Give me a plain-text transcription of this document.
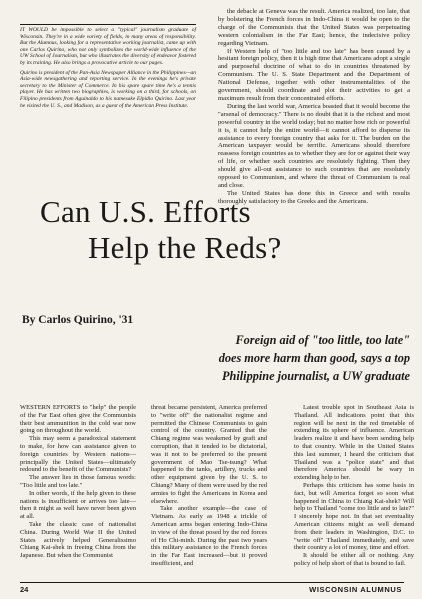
IT WOULD be impossible to select a "typical" journalism graduate of Wisconsin. They're in a wide variety of fields, in many areas of responsibility. But the Alumnus, looking for a representative working journalist, came up with one Carlos Quirino, who not only symbolizes the world-wide influence of the UW School of Journalism, but who illustrates the diversity of endeavor fostered by its training. He also brings a provocative article to our pages.

Quirino is president of the Pan-Asia Newspaper Alliance in the Philippines—an Asia-wide newsgathering and reporting service. In the evenings he's private secretary to the Minister of Commerce. In his spare spare time he's a tennis player. He has written two biographies, is working on a third, for schools, on Filipino presidents from Aguinaldo to his namesake Elpidio Quirino. Last year he visited the U. S., and Madison, as a guest of the American Press Institute.

the debacle at Geneva was the result. America realized, too late, that by bolstering the French forces in Indo-China it would be open to the charge of the Communists that the United States was perpetuating western colonialism in the Far East; hence, the indecisive policy regarding Vietnam.

If Western help of "too little and too late" has been caused by a hesitant foreign policy, then it is high time that Americans adopt a single and purposeful doctrine of what to do in countries threatened by Communism. The U. S. State Department and the Department of National Defense, together with other instrumentalities of the government, should coordinate and plot their activities to get a maximum result from their concentrated efforts.

During the last world war, America boasted that it would become the "arsenal of democracy." There is no doubt that it is the richest and most powerful country in the world today; but no matter how rich or powerful it is, it cannot help the entire world—it cannot afford to disperse its assistance to every foreign country that asks for it. The burden on the American taxpayer would be terrific. Americans should therefore reassess foreign countries as to whether they are for or against their way of life, or whether such countries are resolutely fighting. Then they should give all-out assistance to such countries that are resolutely opposed to Communism, and where the threat of Communism is real and close.

The United States has done this in Greece and with results thoroughly satisfactory to the Greeks and the Americans.

Can U.S. Efforts
Help the Reds?
By Carlos Quirino, '31
Foreign aid of "too little, too late"
does more harm than good, says a top
Philippine journalist, a UW graduate

WESTERN EFFORTS to "help" the people of the Far East often give the Communists their best ammunition in the cold war now going on throughout the world.

This may seem a paradoxical statement to make, for how can assistance given to foreign countries by Western nations—principally the United States—ultimately redound to the benefit of the Communists?

The answer lies in those famous words: "Too little and too late."

In other words, if the help given to these nations is insufficient or arrives too late—then it might as well have never been given at all.

Take the classic case of nationalist China. During World War II the United States actively helped Generalissimo Chiang Kai-shek in freeing China from the Japanese. But when the Communist

threat became persistent, America preferred to "write off" the nationalist regime and permitted the Chinese Communists to gain control of the country. Granted that the Chiang regime was weakened by graft and corruption, that it tended to be dictatorial, was it not to be preferred to the present government of Mao Tse-tsung? What happened to the tanks, artillery, trucks and other equipment given by the U. S. to Chiang? Many of them were used by the red armies to fight the Americans in Korea and elsewhere.

Take another example—the case of Vietnam. As early as 1948 a trickle of American arms began entering Indo-China in view of the threat posed by the red forces of Ho Chi-minh. During the past two years this military assistance to the French forces in the Far East increased—but it proved insufficient, and

Latest trouble spot in Southeast Asia is Thailand. All indications point that this region will be next in the red timetable of extending its sphere of influence. American leaders realize it and have been sending help to that country. While in the United States this last summer, I heard the criticism that Thailand was a "police state" and that therefore America should be wary in extending help to her.

Perhaps this criticism has some basis in fact, but will America forget so soon what happened in China to Chiang Kai-shek? Will help to Thailand "come too little and to late?" I sincerely hope not. In that set eventuality American citizens might as well demand from their leaders in Washington, D.C. to "write off" Thailand immediately, and save their country a lot of money, time and effort.

It should be either all or nothing. Any policy of help short of that is bound to fail.

24	WISCONSIN ALUMNUS
